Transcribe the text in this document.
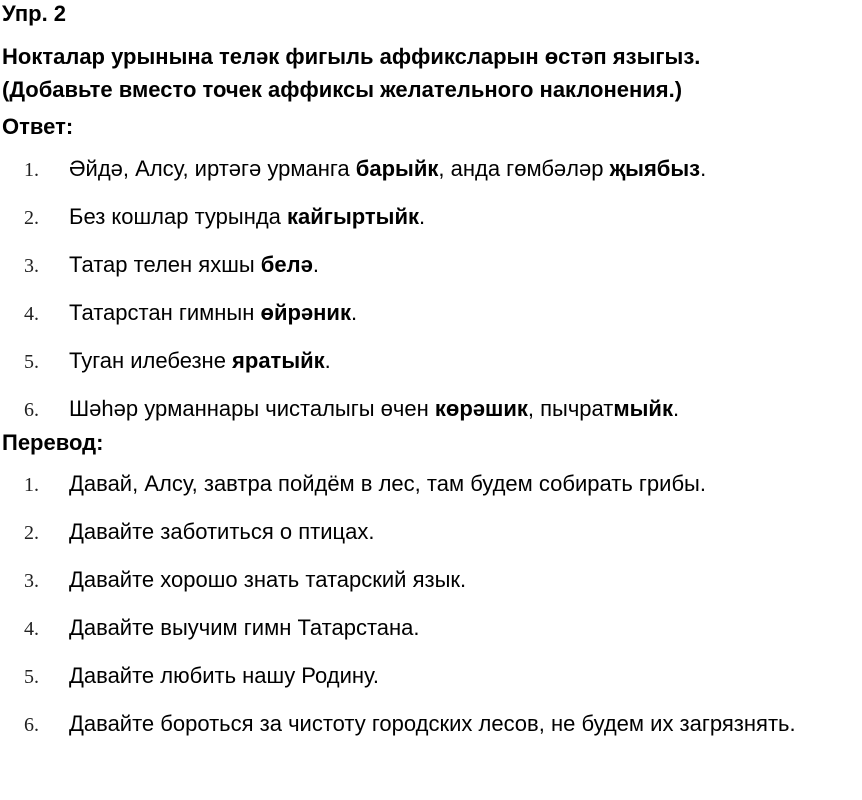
Упр. 2
Нокталар урынына теләк фигыль аффиксларын өстәп языгыз.
(Добавьте вместо точек аффиксы желательного наклонения.)
Ответ:
1.	Әйдә, Алсу, иртәгә урманга барыйк, анда гөмбәләр җыябыз.
2.	Без кошлар турында кайгыртыйк.
3.	Татар телен яхшы белә.
4.	Татарстан гимнын өйрәник.
5.	Туган илебезне яратыйк.
6.	Шәһәр урманнары чисталыгы өчен көрәшик, пычратмыйк.
Перевод:
1.	Давай, Алсу, завтра пойдём в лес, там будем собирать грибы.
2.	Давайте заботиться о птицах.
3.	Давайте хорошо знать татарский язык.
4.	Давайте выучим гимн Татарстана.
5.	Давайте любить нашу Родину.
6.	Давайте бороться за чистоту городских лесов, не будем их загрязнять.
